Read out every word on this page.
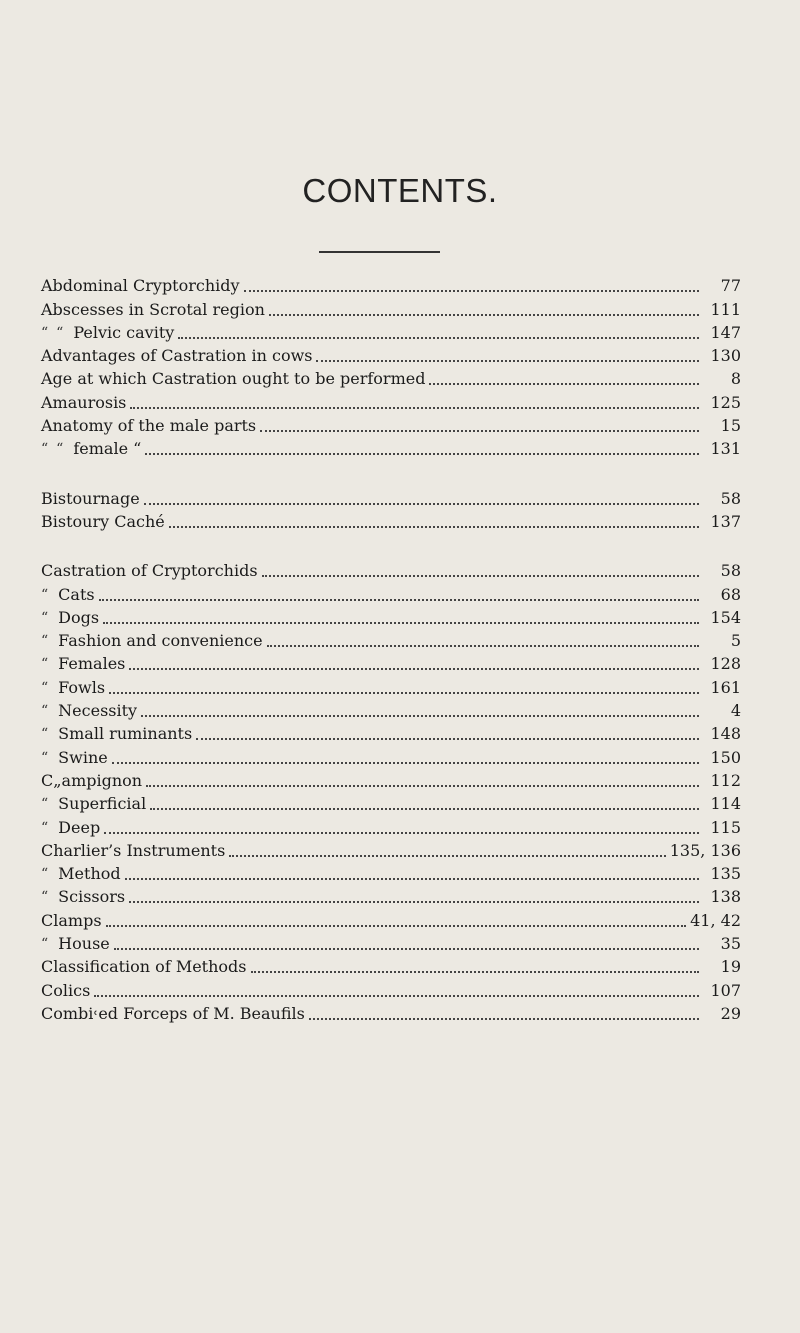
CONTENTS.
Abdominal Cryptorchidy	77
Abscesses in Scrotal region	111
“ “ Pelvic cavity	147
Advantages of Castration in cows	130
Age at which Castration ought to be performed	8
Amaurosis	125
Anatomy of the male parts	15
“ “ female “	131
Bistournage	58
Bistoury Caché	137
Castration of Cryptorchids	58
“ Cats	68
“ Dogs	154
“ Fashion and convenience	5
“ Females	128
“ Fowls	161
“ Necessity	4
“ Small ruminants	148
“ Swine	150
C„ampignon	112
“ Superficial	114
“ Deep	115
Charlier’s Instruments	135, 136
“ Method	135
“ Scissors	138
Clamps	41, 42
“ House	35
Classification of Methods	19
Colics	107
Combi˓ed Forceps of M. Beaufils	29
